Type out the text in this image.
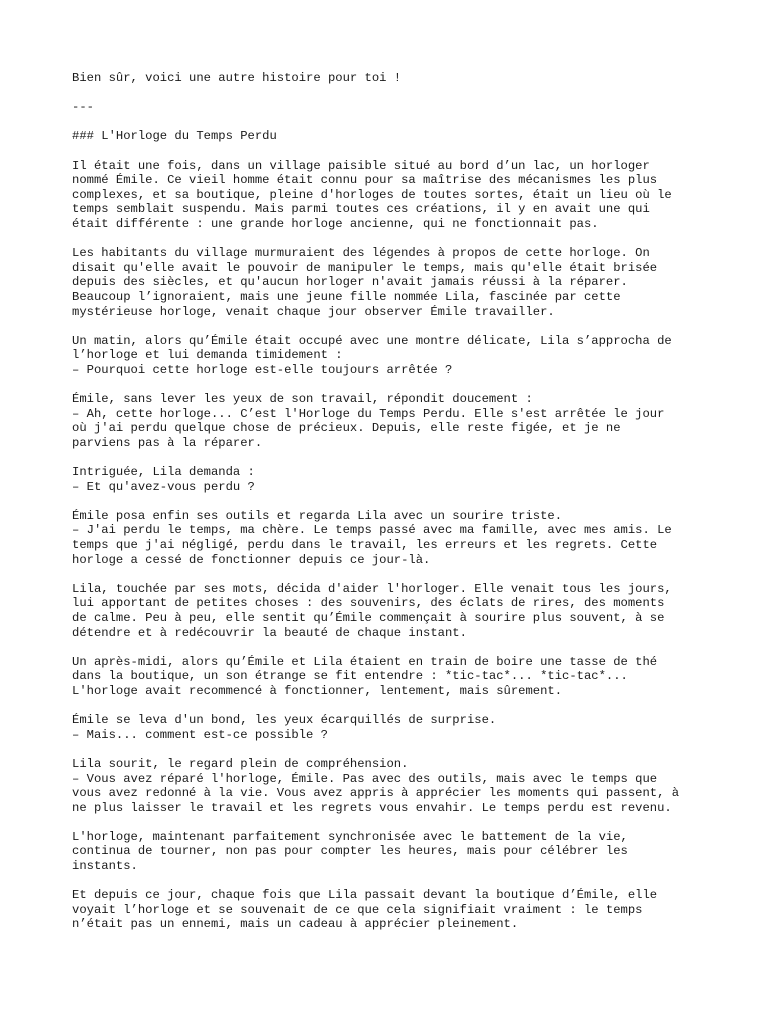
Bien sûr, voici une autre histoire pour toi !
---
### L'Horloge du Temps Perdu
Il était une fois, dans un village paisible situé au bord d’un lac, un horloger
nommé Émile. Ce vieil homme était connu pour sa maîtrise des mécanismes les plus
complexes, et sa boutique, pleine d'horloges de toutes sortes, était un lieu où le
temps semblait suspendu. Mais parmi toutes ces créations, il y en avait une qui
était différente : une grande horloge ancienne, qui ne fonctionnait pas.
Les habitants du village murmuraient des légendes à propos de cette horloge. On
disait qu'elle avait le pouvoir de manipuler le temps, mais qu'elle était brisée
depuis des siècles, et qu'aucun horloger n'avait jamais réussi à la réparer.
Beaucoup l’ignoraient, mais une jeune fille nommée Lila, fascinée par cette
mystérieuse horloge, venait chaque jour observer Émile travailler.
Un matin, alors qu’Émile était occupé avec une montre délicate, Lila s’approcha de
l’horloge et lui demanda timidement :
– Pourquoi cette horloge est-elle toujours arrêtée ?
Émile, sans lever les yeux de son travail, répondit doucement :
– Ah, cette horloge... C’est l'Horloge du Temps Perdu. Elle s'est arrêtée le jour
où j'ai perdu quelque chose de précieux. Depuis, elle reste figée, et je ne
parviens pas à la réparer.
Intriguée, Lila demanda :
– Et qu'avez-vous perdu ?
Émile posa enfin ses outils et regarda Lila avec un sourire triste.
– J'ai perdu le temps, ma chère. Le temps passé avec ma famille, avec mes amis. Le
temps que j'ai négligé, perdu dans le travail, les erreurs et les regrets. Cette
horloge a cessé de fonctionner depuis ce jour-là.
Lila, touchée par ses mots, décida d'aider l'horloger. Elle venait tous les jours,
lui apportant de petites choses : des souvenirs, des éclats de rires, des moments
de calme. Peu à peu, elle sentit qu’Émile commençait à sourire plus souvent, à se
détendre et à redécouvrir la beauté de chaque instant.
Un après-midi, alors qu’Émile et Lila étaient en train de boire une tasse de thé
dans la boutique, un son étrange se fit entendre : *tic-tac*... *tic-tac*...
L'horloge avait recommencé à fonctionner, lentement, mais sûrement.
Émile se leva d'un bond, les yeux écarquillés de surprise.
– Mais... comment est-ce possible ?
Lila sourit, le regard plein de compréhension.
– Vous avez réparé l'horloge, Émile. Pas avec des outils, mais avec le temps que
vous avez redonné à la vie. Vous avez appris à apprécier les moments qui passent, à
ne plus laisser le travail et les regrets vous envahir. Le temps perdu est revenu.
L'horloge, maintenant parfaitement synchronisée avec le battement de la vie,
continua de tourner, non pas pour compter les heures, mais pour célébrer les
instants.
Et depuis ce jour, chaque fois que Lila passait devant la boutique d’Émile, elle
voyait l’horloge et se souvenait de ce que cela signifiait vraiment : le temps
n’était pas un ennemi, mais un cadeau à apprécier pleinement.
